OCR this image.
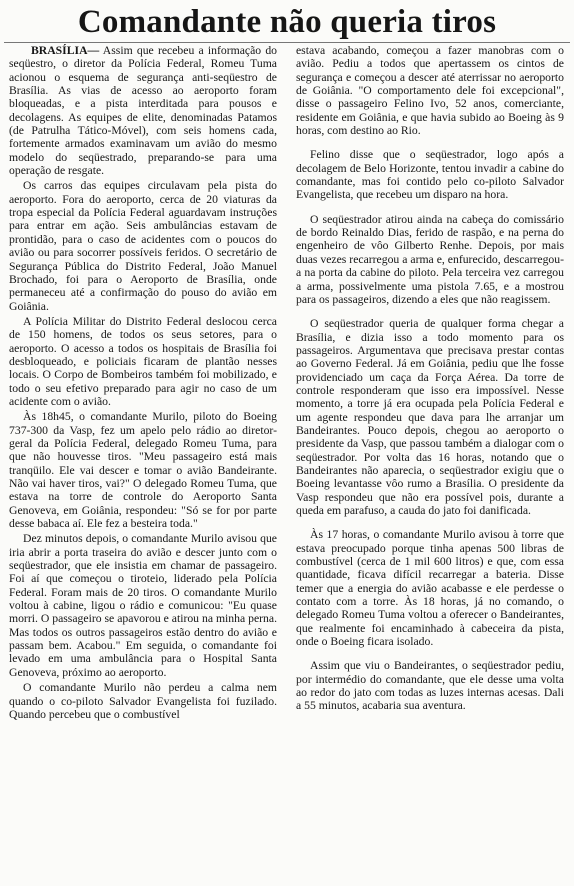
Comandante não queria tiros

BRASÍLIA— Assim que recebeu a informação do seqüestro, o diretor da Polícia Federal, Romeu Tuma acionou o esquema de segurança anti-seqüestro de Brasília. As vias de acesso ao aeroporto foram bloqueadas, e a pista interditada para pousos e decolagens. As equipes de elite, denominadas Patamos (de Patrulha Tático-Móvel), com seis homens cada, fortemente armados examinavam um avião do mesmo modelo do seqüestrado, preparando-se para uma operação de resgate.

Os carros das equipes circulavam pela pista do aeroporto. Fora do aeroporto, cerca de 20 viaturas da tropa especial da Polícia Federal aguardavam instruções para entrar em ação. Seis ambulâncias estavam de prontidão, para o caso de acidentes com o poucos do avião ou para socorrer possíveis feridos. O secretário de Segurança Pública do Distrito Federal, João Manuel Brochado, foi para o Aeroporto de Brasília, onde permaneceu até a confirmação do pouso do avião em Goiânia.

A Polícia Militar do Distrito Federal deslocou cerca de 150 homens, de todos os seus setores, para o aeroporto. O acesso a todos os hospitais de Brasília foi desbloqueado, e policiais ficaram de plantão nesses locais. O Corpo de Bombeiros também foi mobilizado, e todo o seu efetivo preparado para agir no caso de um acidente com o avião.

Às 18h45, o comandante Murilo, piloto do Boeing 737-300 da Vasp, fez um apelo pelo rádio ao diretor-geral da Polícia Federal, delegado Romeu Tuma, para que não houvesse tiros. "Meu passageiro está mais tranqüilo. Ele vai descer e tomar o avião Bandeirante. Não vai haver tiros, vai?" O delegado Romeu Tuma, que estava na torre de controle do Aeroporto Santa Genoveva, em Goiânia, respondeu: "Só se for por parte desse babaca aí. Ele fez a besteira toda."

Dez minutos depois, o comandante Murilo avisou que iria abrir a porta traseira do avião e descer junto com o seqüestrador, que ele insistia em chamar de passageiro. Foi aí que começou o tiroteio, liderado pela Polícia Federal. Foram mais de 20 tiros. O comandante Murilo voltou à cabine, ligou o rádio e comunicou: "Eu quase morri. O passageiro se apavorou e atirou na minha perna. Mas todos os outros passageiros estão dentro do avião e passam bem. Acabou." Em seguida, o comandante foi levado em uma ambulância para o Hospital Santa Genoveva, próximo ao aeroporto.

O comandante Murilo não perdeu a calma nem quando o co-piloto Salvador Evangelista foi fuzilado. Quando percebeu que o combustível

estava acabando, começou a fazer manobras com o avião. Pediu a todos que apertassem os cintos de segurança e começou a descer até aterrissar no aeroporto de Goiânia. "O comportamento dele foi excepcional", disse o passageiro Felino Ivo, 52 anos, comerciante, residente em Goiânia, e que havia subido ao Boeing às 9 horas, com destino ao Rio.

Felino disse que o seqüestrador, logo após a decolagem de Belo Horizonte, tentou invadir a cabine do comandante, mas foi contido pelo co-piloto Salvador Evangelista, que recebeu um disparo na hora.

O seqüestrador atirou ainda na cabeça do comissário de bordo Reinaldo Dias, ferido de raspão, e na perna do engenheiro de vôo Gilberto Renhe. Depois, por mais duas vezes recarregou a arma e, enfurecido, descarregou-a na porta da cabine do piloto. Pela terceira vez carregou a arma, possivelmente uma pistola 7.65, e a mostrou para os passageiros, dizendo a eles que não reagissem.

O seqüestrador queria de qualquer forma chegar a Brasília, e dizia isso a todo momento para os passageiros. Argumentava que precisava prestar contas ao Governo Federal. Já em Goiânia, pediu que lhe fosse providenciado um caça da Força Aérea. Da torre de controle responderam que isso era impossível. Nesse momento, a torre já era ocupada pela Polícia Federal e um agente respondeu que dava para lhe arranjar um Bandeirantes. Pouco depois, chegou ao aeroporto o presidente da Vasp, que passou também a dialogar com o seqüestrador. Por volta das 16 horas, notando que o Bandeirantes não aparecia, o seqüestrador exigiu que o Boeing levantasse vôo rumo a Brasília. O presidente da Vasp respondeu que não era possível pois, durante a queda em parafuso, a cauda do jato foi danificada.

Às 17 horas, o comandante Murilo avisou à torre que estava preocupado porque tinha apenas 500 libras de combustível (cerca de 1 mil 600 litros) e que, com essa quantidade, ficava difícil recarregar a bateria. Disse temer que a energia do avião acabasse e ele perdesse o contato com a torre. Às 18 horas, já no comando, o delegado Romeu Tuma voltou a oferecer o Bandeirantes, que realmente foi encaminhado à cabeceira da pista, onde o Boeing ficara isolado.

Assim que viu o Bandeirantes, o seqüestrador pediu, por intermédio do comandante, que ele desse uma volta ao redor do jato com todas as luzes internas acesas. Dali a 55 minutos, acabaria sua aventura.
